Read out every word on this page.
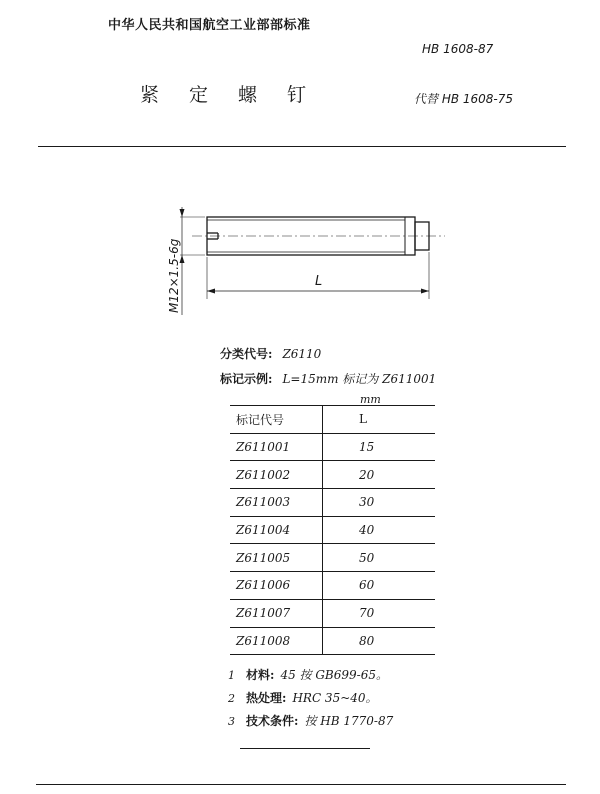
中华人民共和国航空工业部部标准
HB 1608-87
紧定螺钉	代替 HB 1608-75
M12×1.5-6g	L
分类代号: Z6110
标记示例: L=15mm 标记为 Z611001
mm
标记代号	L
Z611001	15
Z611002	20
Z611003	30
Z611004	40
Z611005	50
Z611006	60
Z611007	70
Z611008	80
1 材料: 45 按 GB699-65。
2 热处理: HRC 35~40。
3 技术条件: 按 HB 1770-87
